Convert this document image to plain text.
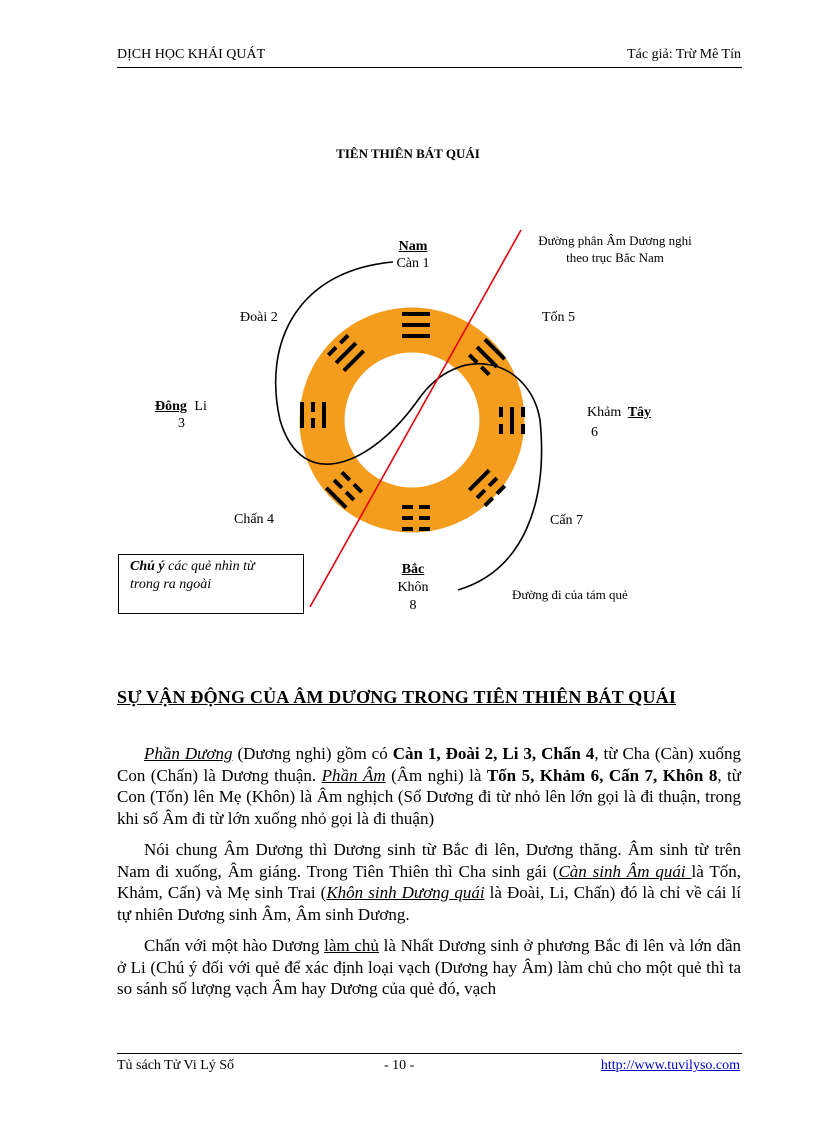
DỊCH HỌC KHÁI QUÁT	Tác giả: Trừ Mê Tín
TIÊN THIÊN BÁT QUÁI
Nam
Càn 1
Đường phân Âm Dương nghi
theo trục Bắc Nam
Đoài 2	Tốn 5
Đông Li
3
Khảm Tây
6
Chấn 4	Cấn 7
Bắc
Khôn
8
Đường đi của tám quẻ
Chú ý các quẻ nhìn từ
trong ra ngoài
SỰ VẬN ĐỘNG CỦA ÂM DƯƠNG TRONG TIÊN THIÊN BÁT QUÁI
Phần Dương (Dương nghi) gồm có Càn 1, Đoài 2, Li 3, Chấn 4, từ Cha (Càn) xuống Con (Chấn) là Dương thuận. Phần Âm (Âm nghi) là Tốn 5, Khảm 6, Cấn 7, Khôn 8, từ Con (Tốn) lên Mẹ (Khôn) là Âm nghịch (Số Dương đi từ nhỏ lên lớn gọi là đi thuận, trong khi số Âm đi từ lớn xuống nhỏ gọi là đi thuận)
Nói chung Âm Dương thì Dương sinh từ Bắc đi lên, Dương thăng. Âm sinh từ trên Nam đi xuống, Âm giáng. Trong Tiên Thiên thì Cha sinh gái (Càn sinh Âm quái là Tốn, Khảm, Cấn) và Mẹ sinh Trai (Khôn sinh Dương quái là Đoài, Li, Chấn) đó là chỉ về cái lí tự nhiên Dương sinh Âm, Âm sinh Dương.
Chấn với một hào Dương làm chủ là Nhất Dương sinh ở phương Bắc đi lên và lớn dần ở Li (Chú ý đối với quẻ để xác định loại vạch (Dương hay Âm) làm chủ cho một quẻ thì ta so sánh số lượng vạch Âm hay Dương của quẻ đó, vạch
Tủ sách Tử Vi Lý Số	- 10 -	http://www.tuvilyso.com
